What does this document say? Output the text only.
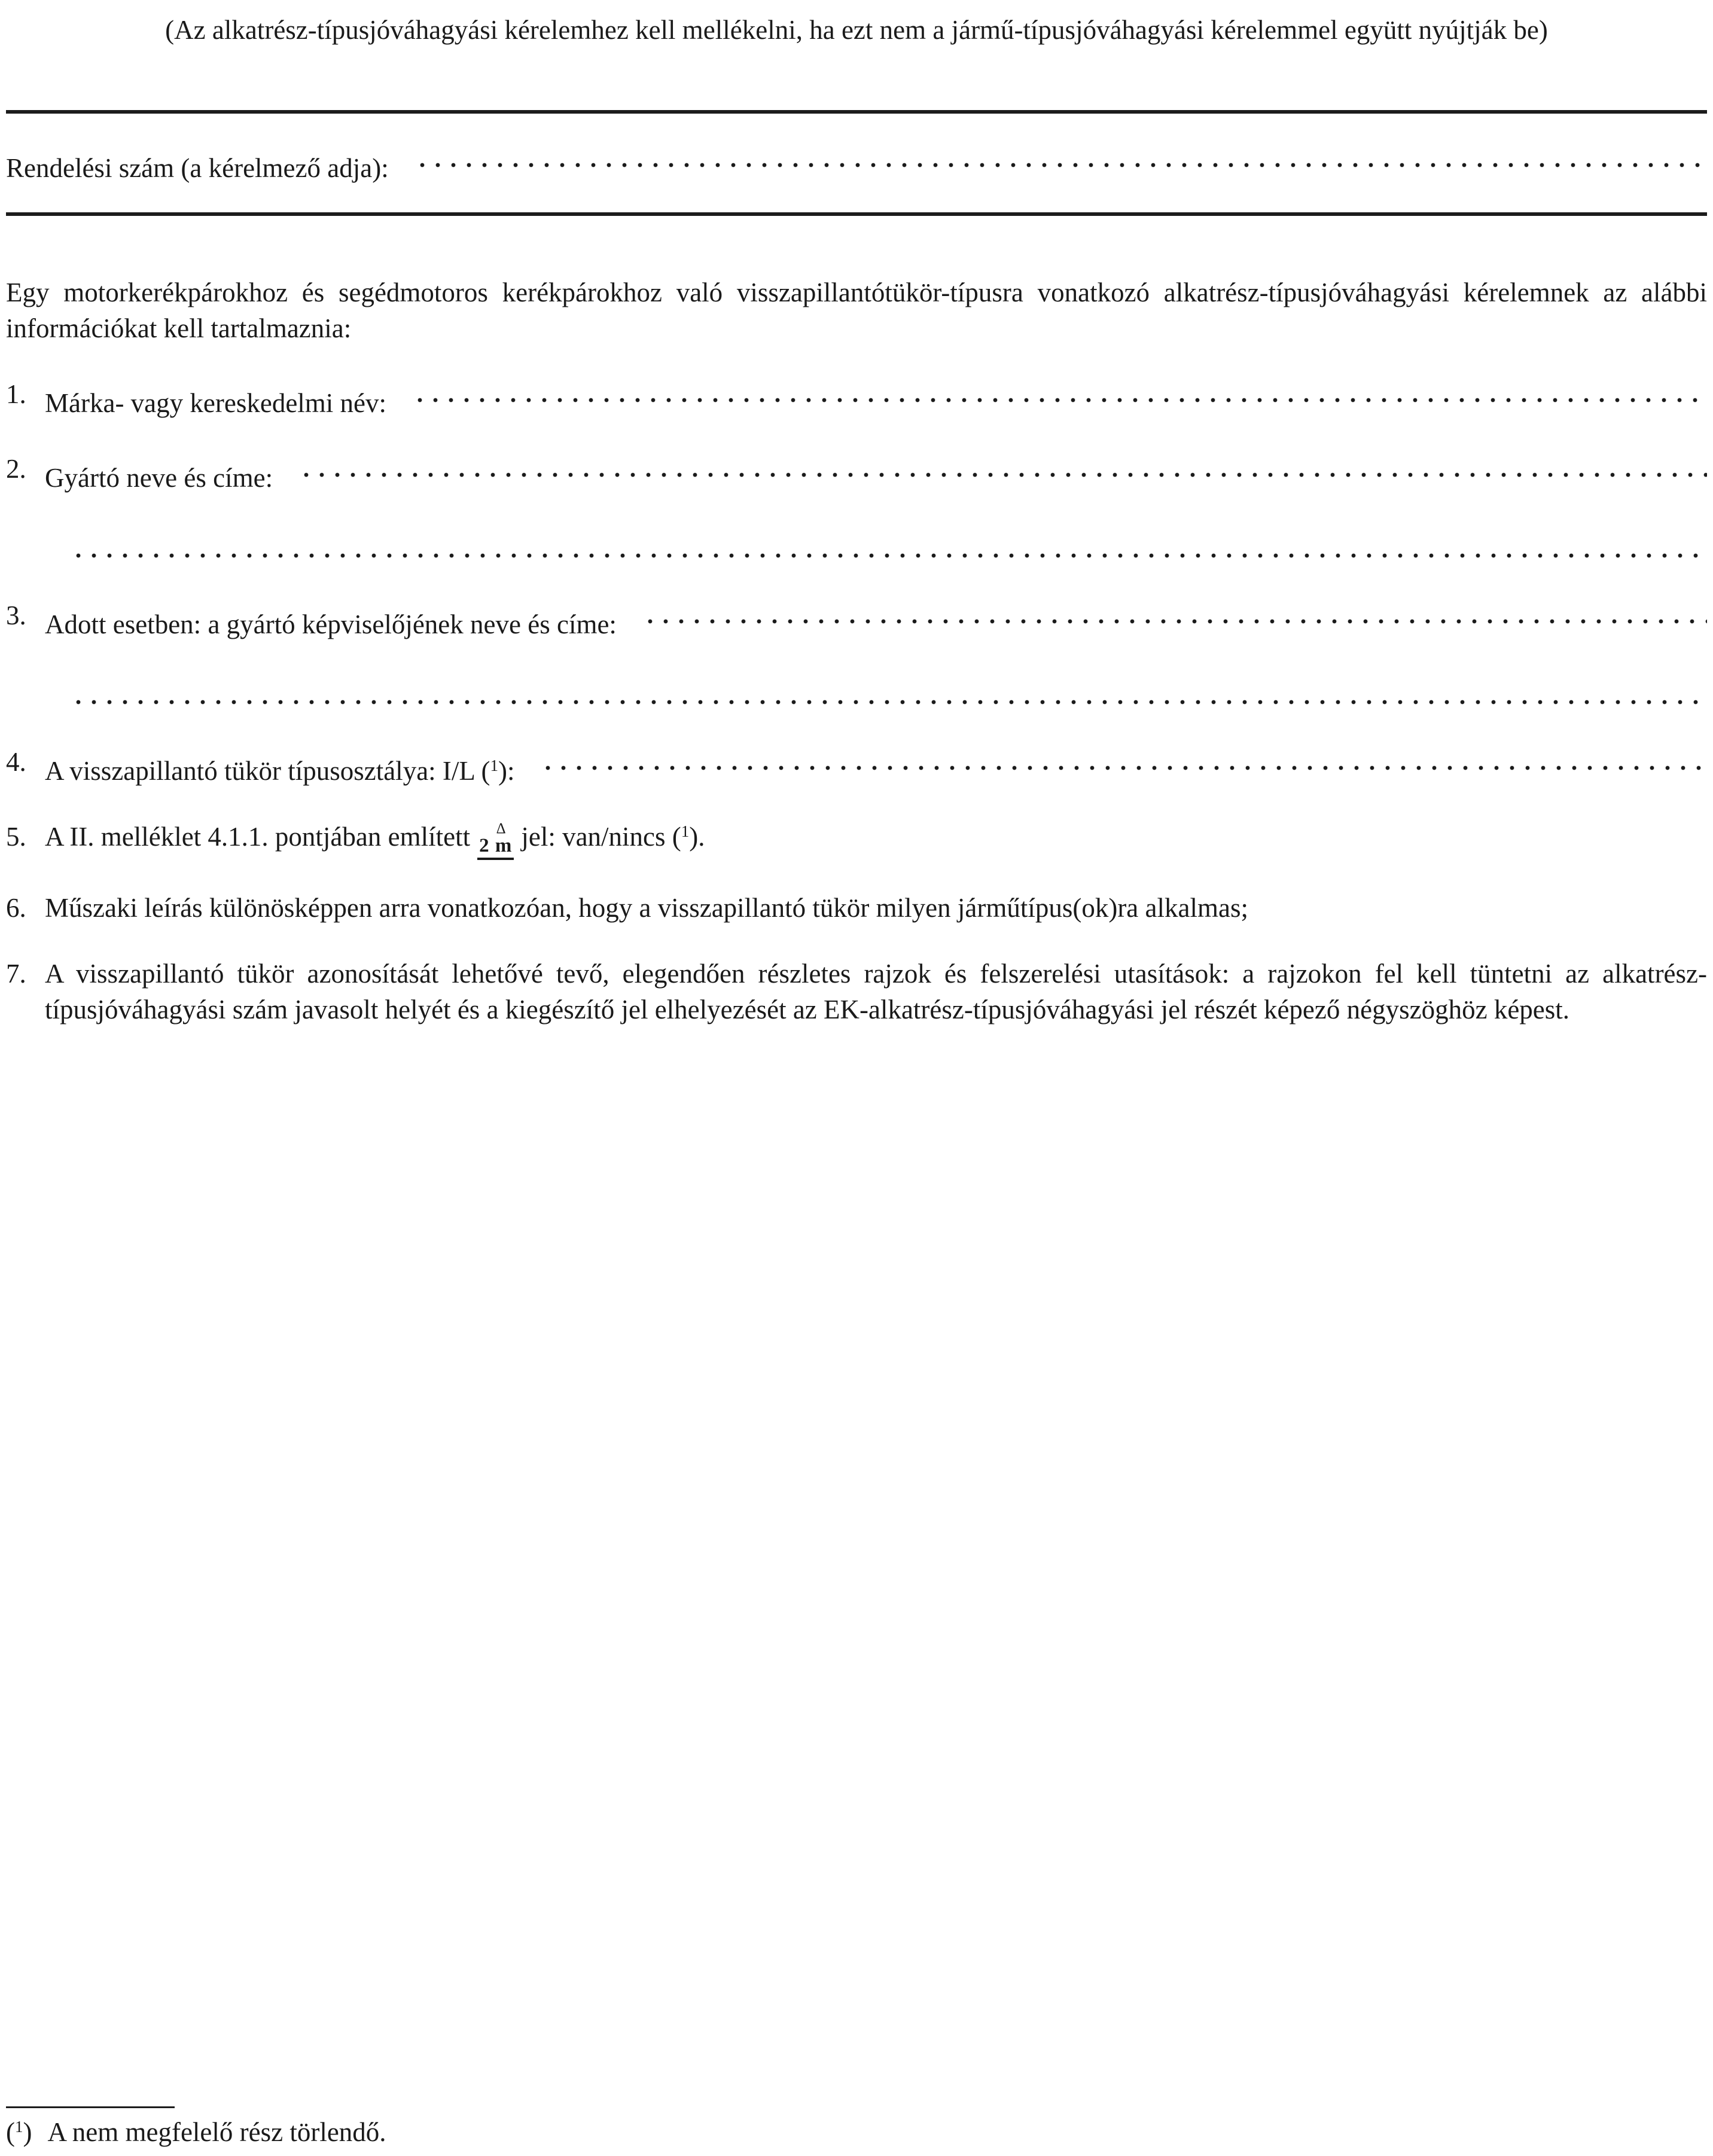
(Az alkatrész-típusjóváhagyási kérelemhez kell mellékelni, ha ezt nem a jármű-típusjóváhagyási kérelemmel együtt nyújtják be)
Rendelési szám (a kérelmező adja):
Egy motorkerékpárokhoz és segédmotoros kerékpárokhoz való visszapillantótükör-típusra vonatkozó alkatrész-típusjóváhagyási kérelemnek az alábbi információkat kell tartalmaznia:
1. Márka- vagy kereskedelmi név:
2. Gyártó neve és címe:
3. Adott esetben: a gyártó képviselőjének neve és címe:
4. A visszapillantó tükör típusosztálya: I/L ($^1$):
5. A II. melléklet 4.1.1. pontjában említett	Δ
2 m jel: van/nincs ($^1$).
6. Műszaki leírás különösképpen arra vonatkozóan, hogy a visszapillantó tükör milyen járműtípus(ok)ra alkalmas;
7. A visszapillantó tükör azonosítását lehetővé tevő, elegendően részletes rajzok és felszerelési utasítások: a rajzokon fel kell tüntetni az alkatrész-típusjóváhagyási szám javasolt helyét és a kiegészítő jel elhelyezését az EK-alkatrész-típusjóváhagyási jel részét képező négyszöghöz képest.
($^1$) A nem megfelelő rész törlendő.
